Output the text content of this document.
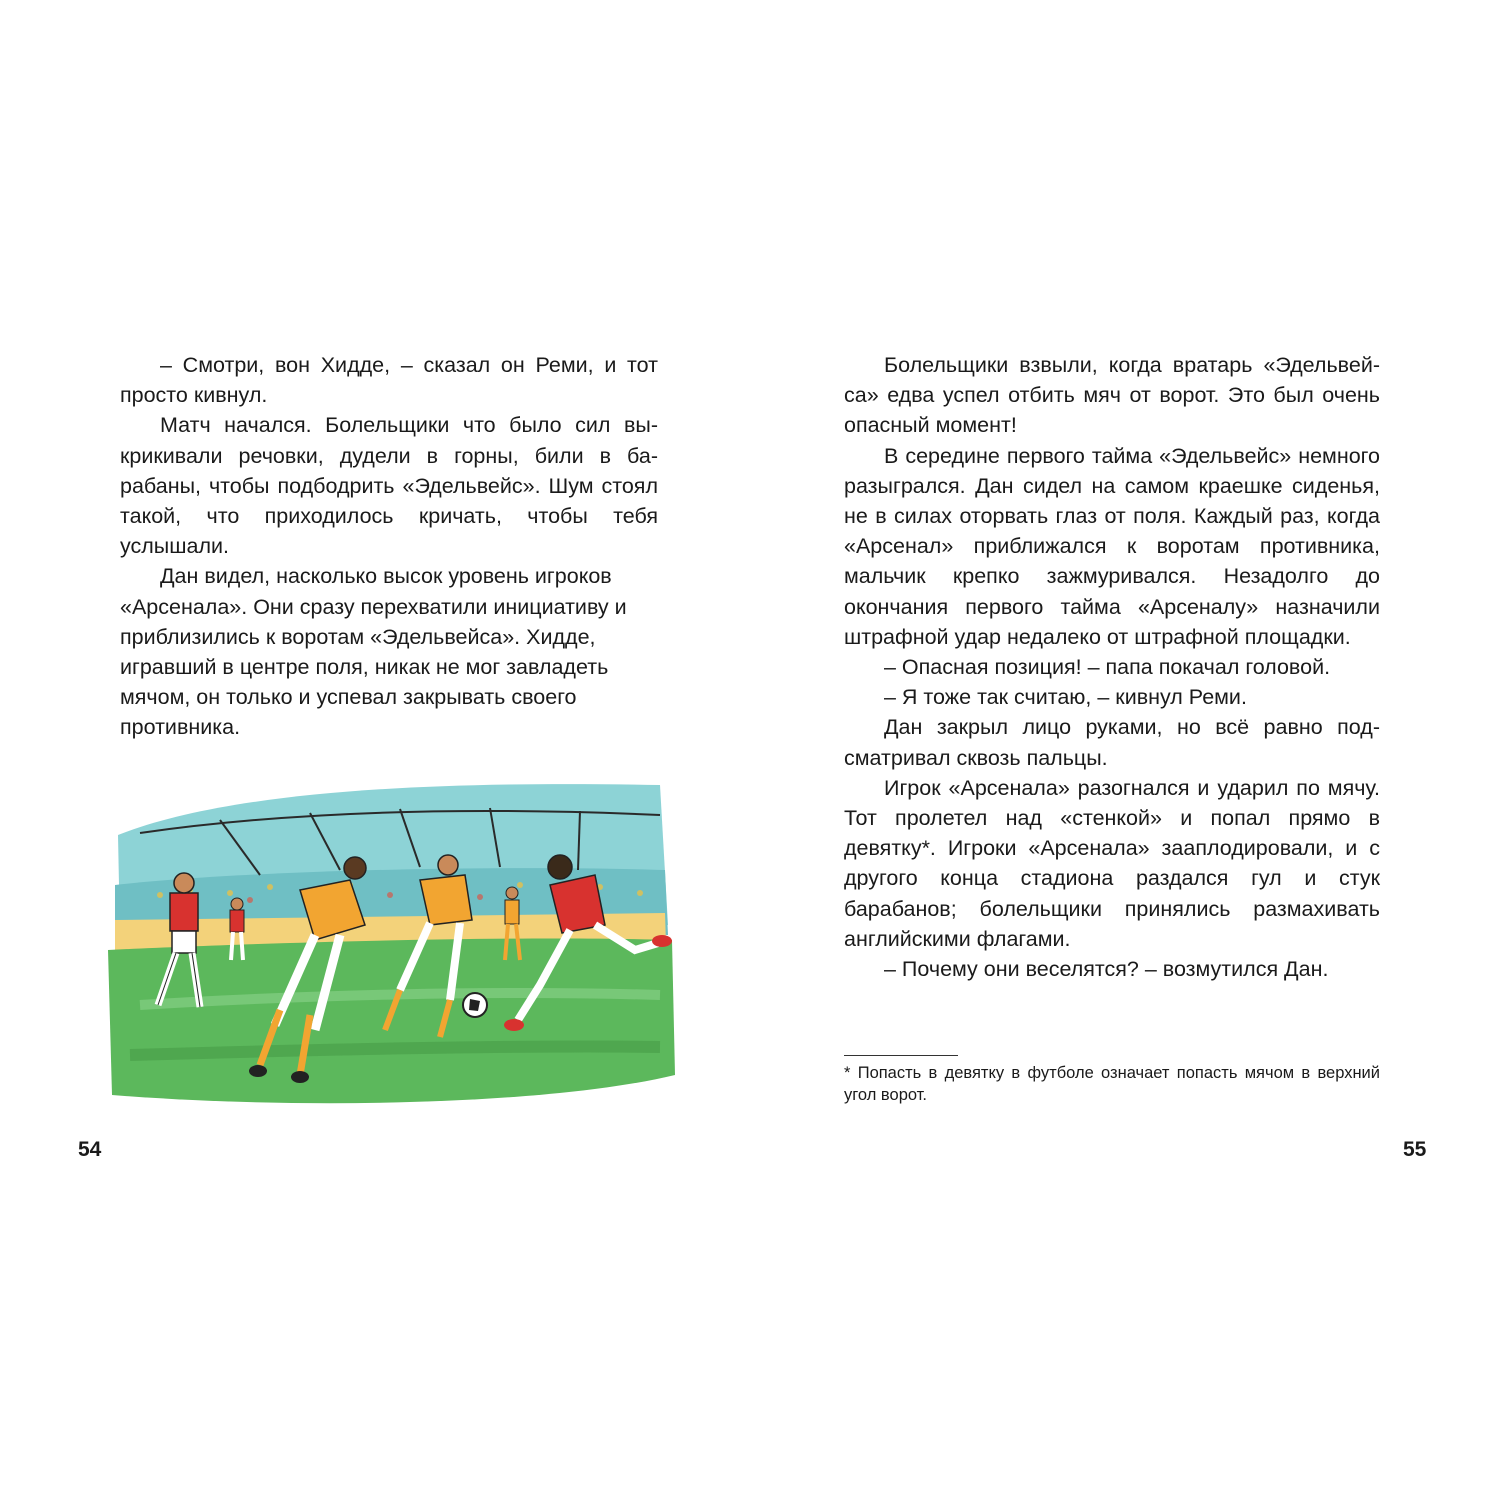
– Смотри, вон Хидде, – сказал он Реми, и тот просто кивнул.

Матч начался. Болельщики что было сил выкрикивали речовки, дудели в горны, били в барабаны, чтобы подбодрить «Эдельвейс». Шум стоял такой, что приходилось кричать, чтобы тебя услышали.

Дан видел, насколько высок уровень игроков «Арсенала». Они сразу перехватили инициативу и приблизились к воротам «Эдельвейса». Хидде, игравший в центре поля, никак не мог завладеть мячом, он только и успевал закрывать своего противника.

54

Болельщики взвыли, когда вратарь «Эдельвейса» едва успел отбить мяч от ворот. Это был очень опасный момент!

В середине первого тайма «Эдельвейс» немного разыгрался. Дан сидел на самом краешке сиденья, не в силах оторвать глаз от поля. Каждый раз, когда «Арсенал» приближался к воротам противника, мальчик крепко зажмуривался. Незадолго до окончания первого тайма «Арсеналу» назначили штрафной удар недалеко от штрафной площадки.

– Опасная позиция! – папа покачал головой.

– Я тоже так считаю, – кивнул Реми.

Дан закрыл лицо руками, но всё равно подсматривал сквозь пальцы.

Игрок «Арсенала» разогнался и ударил по мячу. Тот пролетел над «стенкой» и попал прямо в девятку*. Игроки «Арсенала» зааплодировали, и с другого конца стадиона раздался гул и стук барабанов; болельщики принялись размахивать английскими флагами.

– Почему они веселятся? – возмутился Дан.

* Попасть в девятку в футболе означает попасть мячом в верхний угол ворот.

55
